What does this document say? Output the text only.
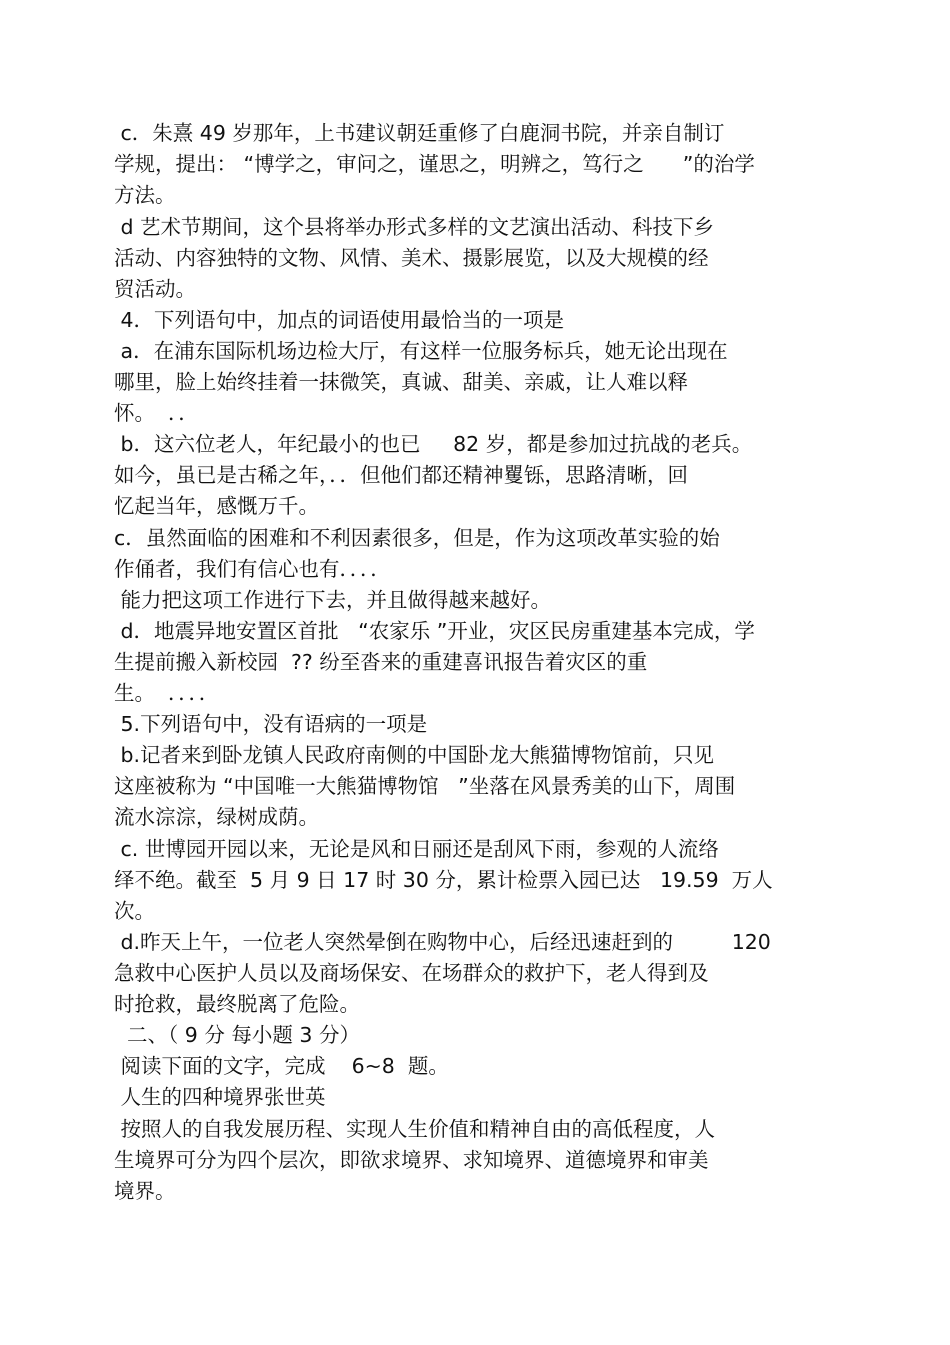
c．朱熹 49 岁那年，上书建议朝廷重修了白鹿洞书院，并亲自制订
学规，提出： “博学之，审问之，谨思之，明辨之，笃行之      ”的治学
方法。
d 艺术节期间，这个县将举办形式多样的文艺演出活动、科技下乡
活动、内容独特的文物、风情、美术、摄影展览，以及大规模的经
贸活动。
4．下列语句中，加点的词语使用最恰当的一项是
a．在浦东国际机场边检大厅，有这样一位服务标兵，她无论出现在
哪里，脸上始终挂着一抹微笑，真诚、甜美、亲戚，让人难以释
怀。  ．．
b．这六位老人，年纪最小的也已     82 岁，都是参加过抗战的老兵。
如今，虽已是古稀之年，．．但他们都还精神矍铄，思路清晰，回
忆起当年，感慨万千。
c．虽然面临的困难和不利因素很多，但是，作为这项改革实验的始
作俑者，我们有信心也有．．．．
能力把这项工作进行下去，并且做得越来越好。
d．地震异地安置区首批   “农家乐 ”开业，灾区民房重建基本完成，学
生提前搬入新校园  ?? 纷至沓来的重建喜讯报告着灾区的重
生。  ．．．．
5.下列语句中，没有语病的一项是
b.记者来到卧龙镇人民政府南侧的中国卧龙大熊猫博物馆前，只见
这座被称为 “中国唯一大熊猫博物馆   ”坐落在风景秀美的山下，周围
流水淙淙，绿树成荫。
c. 世博园开园以来，无论是风和日丽还是刮风下雨，参观的人流络
绎不绝。截至  5 月 9 日 17 时 30 分，累计检票入园已达   19.59  万人
次。
d.昨天上午，一位老人突然晕倒在购物中心，后经迅速赶到的         120
急救中心医护人员以及商场保安、在场群众的救护下，老人得到及
时抢救，最终脱离了危险。
二、（ 9 分 每小题 3 分）
阅读下面的文字，完成    6~8  题。
人生的四种境界张世英
按照人的自我发展历程、实现人生价值和精神自由的高低程度，人
生境界可分为四个层次，即欲求境界、求知境界、道德境界和审美
境界。
